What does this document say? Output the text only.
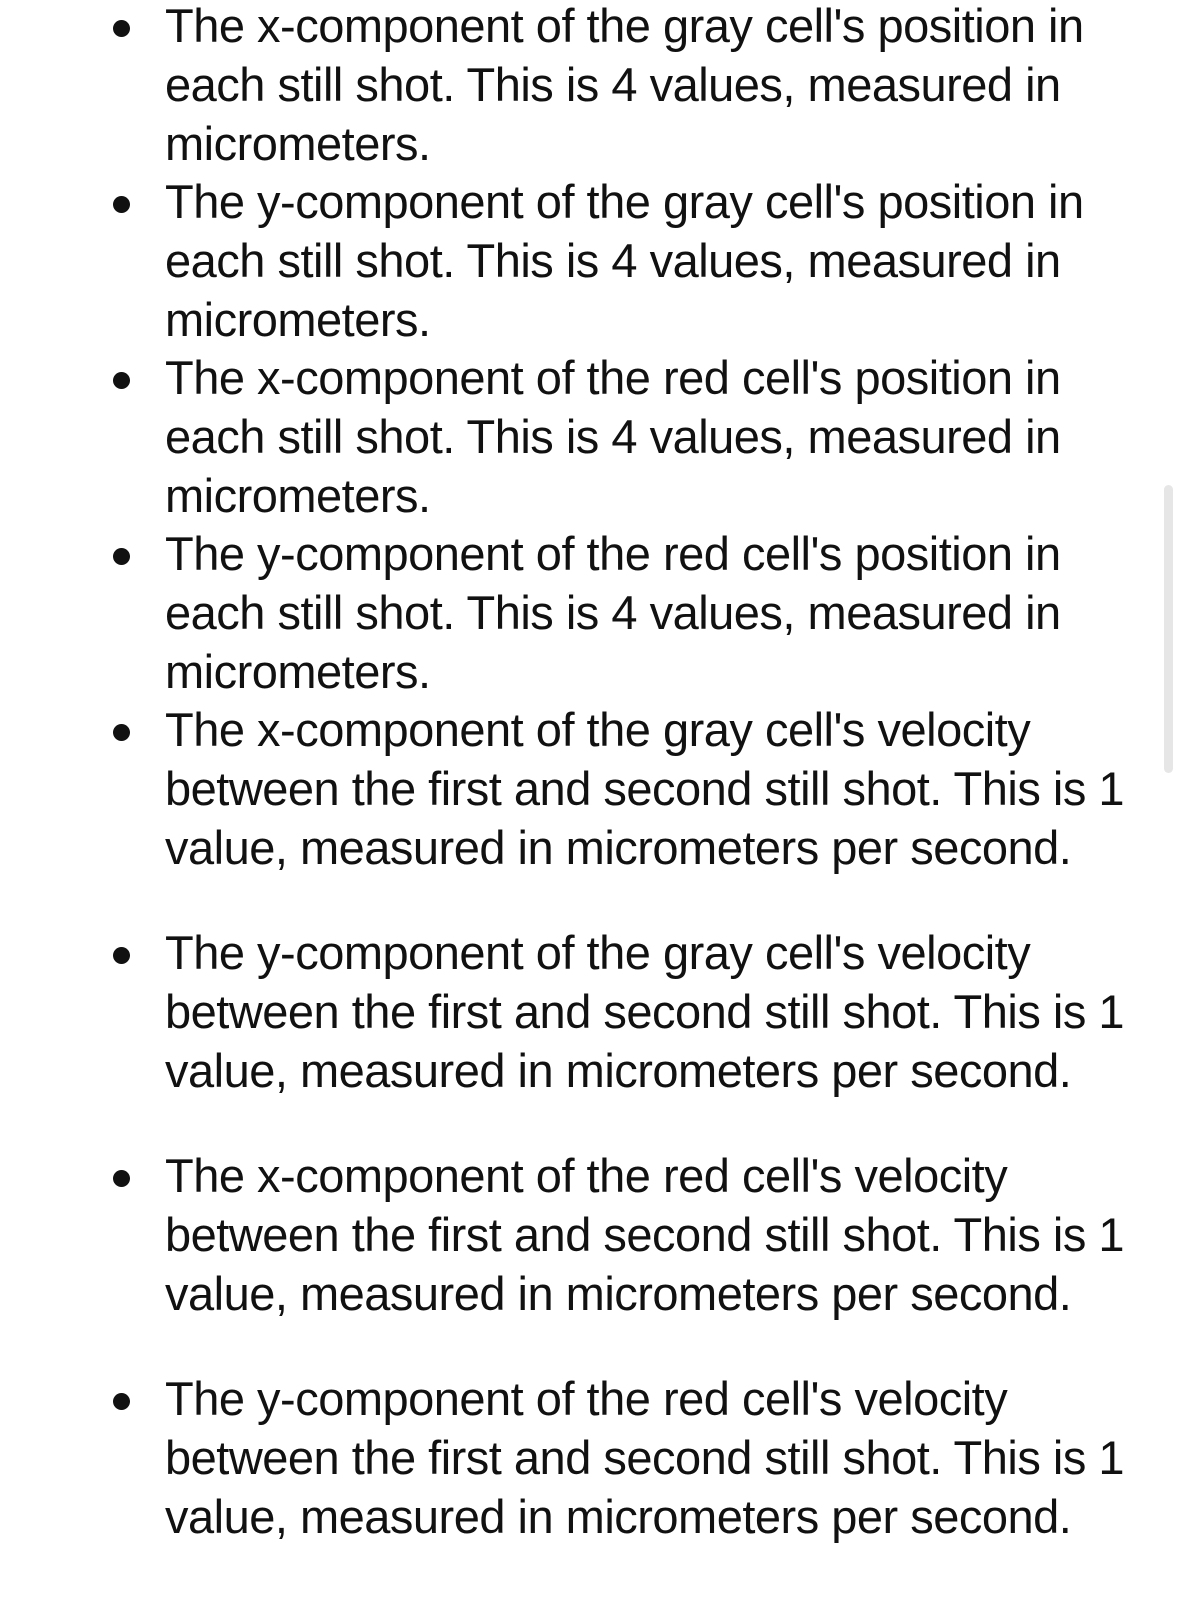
The x-component of the gray cell's position in each still shot. This is 4 values, measured in micrometers.
The y-component of the gray cell's position in each still shot. This is 4 values, measured in micrometers.
The x-component of the red cell's position in each still shot. This is 4 values, measured in micrometers.
The y-component of the red cell's position in each still shot. This is 4 values, measured in micrometers.
The x-component of the gray cell's velocity between the first and second still shot. This is 1 value, measured in micrometers per second.
The y-component of the gray cell's velocity between the first and second still shot. This is 1 value, measured in micrometers per second.
The x-component of the red cell's velocity between the first and second still shot. This is 1 value, measured in micrometers per second.
The y-component of the red cell's velocity between the first and second still shot. This is 1 value, measured in micrometers per second.
